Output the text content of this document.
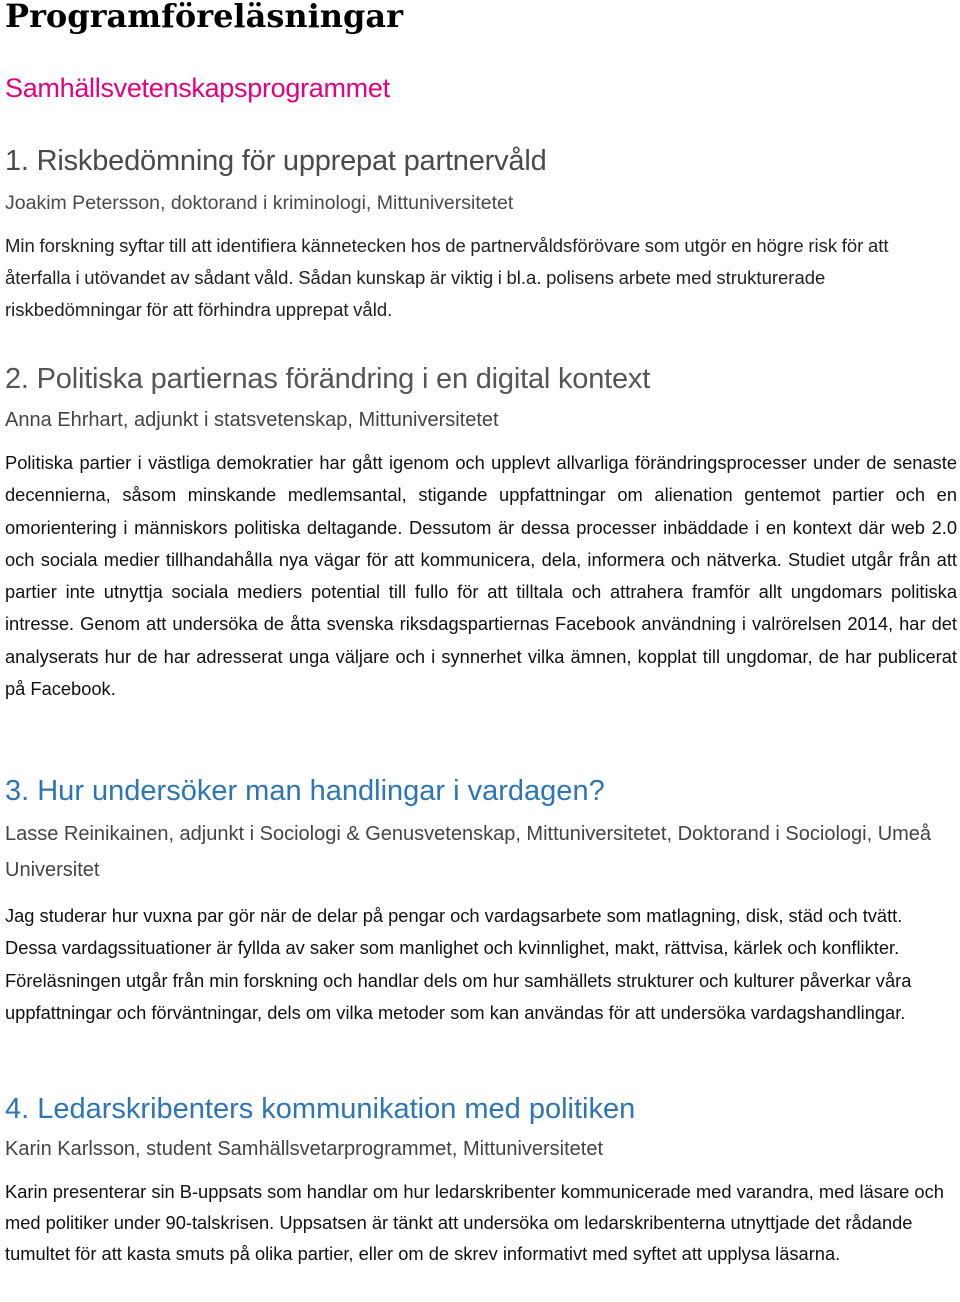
Programföreläsningar
Samhällsvetenskapsprogrammet
1. Riskbedömning för upprepat partnervåld

Joakim Petersson, doktorand i kriminologi, Mittuniversitetet

Min forskning syftar till att identifiera kännetecken hos de partnervåldsförövare som utgör en högre risk för att återfalla i utövandet av sådant våld. Sådan kunskap är viktig i bl.a. polisens arbete med strukturerade riskbedömningar för att förhindra upprepat våld.

2. Politiska partiernas förändring i en digital kontext

Anna Ehrhart, adjunkt i statsvetenskap, Mittuniversitetet

Politiska partier i västliga demokratier har gått igenom och upplevt allvarliga förändringsprocesser under de senaste decennierna, såsom minskande medlemsantal, stigande uppfattningar om alienation gentemot partier och en omorientering i människors politiska deltagande. Dessutom är dessa processer inbäddade i en kontext där web 2.0 och sociala medier tillhandahålla nya vägar för att kommunicera, dela, informera och nätverka. Studiet utgår från att partier inte utnyttja sociala mediers potential till fullo för att tilltala och attrahera framför allt ungdomars politiska intresse. Genom att undersöka de åtta svenska riksdagspartiernas Facebook användning i valrörelsen 2014, har det analyserats hur de har adresserat unga väljare och i synnerhet vilka ämnen, kopplat till ungdomar, de har publicerat på Facebook.

3. Hur undersöker man handlingar i vardagen?

Lasse Reinikainen, adjunkt i Sociologi & Genusvetenskap, Mittuniversitetet, Doktorand i Sociologi, Umeå Universitet

Jag studerar hur vuxna par gör när de delar på pengar och vardagsarbete som matlagning, disk, städ och tvätt. Dessa vardagssituationer är fyllda av saker som manlighet och kvinnlighet, makt, rättvisa, kärlek och konflikter. Föreläsningen utgår från min forskning och handlar dels om hur samhällets strukturer och kulturer påverkar våra uppfattningar och förväntningar, dels om vilka metoder som kan användas för att undersöka vardagshandlingar.

4. Ledarskribenters kommunikation med politiken

Karin Karlsson, student Samhällsvetarprogrammet, Mittuniversitetet

Karin presenterar sin B-uppsats som handlar om hur ledarskribenter kommunicerade med varandra, med läsare och med politiker under 90-talskrisen. Uppsatsen är tänkt att undersöka om ledarskribenterna utnyttjade det rådande tumultet för att kasta smuts på olika partier, eller om de skrev informativt med syftet att upplysa läsarna.
